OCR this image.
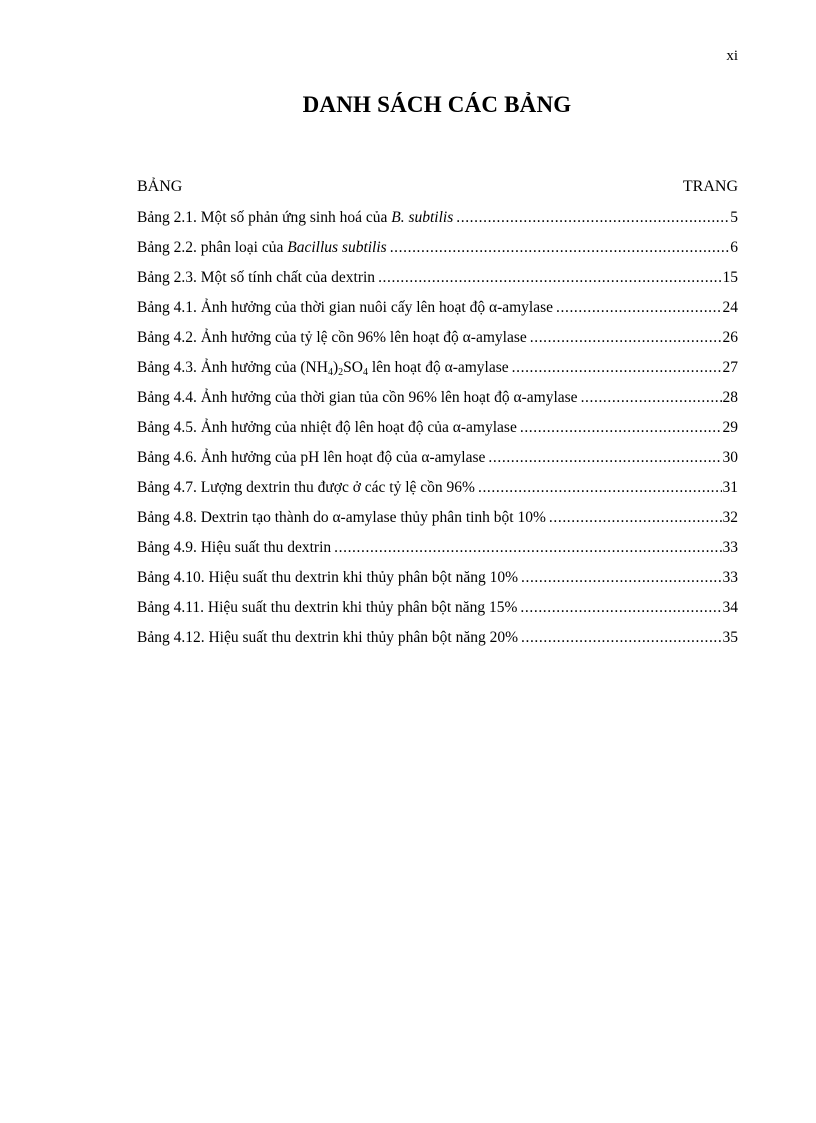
xi
DANH SÁCH CÁC BẢNG
BẢNG	TRANG
Bảng 2.1. Một số phản ứng sinh hoá của B. subtilis .....	5
Bảng 2.2. phân loại của Bacillus subtilis .....	6
Bảng 2.3. Một số tính chất của dextrin .....	15
Bảng 4.1. Ảnh hưởng của thời gian nuôi cấy lên hoạt độ α-amylase .....	24
Bảng 4.2. Ảnh hưởng của tỷ lệ cồn 96% lên hoạt độ α-amylase .....	26
Bảng 4.3. Ảnh hưởng của $(NH_4)_2SO_4$ lên hoạt độ α-amylase .....	27
Bảng 4.4. Ảnh hưởng của thời gian tủa cồn 96% lên hoạt độ α-amylase .....	28
Bảng 4.5. Ảnh hưởng của nhiệt độ lên hoạt độ của α-amylase .....	29
Bảng 4.6. Ảnh hưởng của pH lên hoạt độ của α-amylase .....	30
Bảng 4.7. Lượng dextrin thu được ở các tỷ lệ cồn 96% .....	31
Bảng 4.8. Dextrin tạo thành do α-amylase thủy phân tinh bột 10% .....	32
Bảng 4.9. Hiệu suất thu dextrin .....	33
Bảng 4.10. Hiệu suất thu dextrin khi thủy phân bột năng 10% .....	33
Bảng 4.11. Hiệu suất thu dextrin khi thủy phân bột năng 15% .....	34
Bảng 4.12. Hiệu suất thu dextrin khi thủy phân bột năng 20% .....	35
